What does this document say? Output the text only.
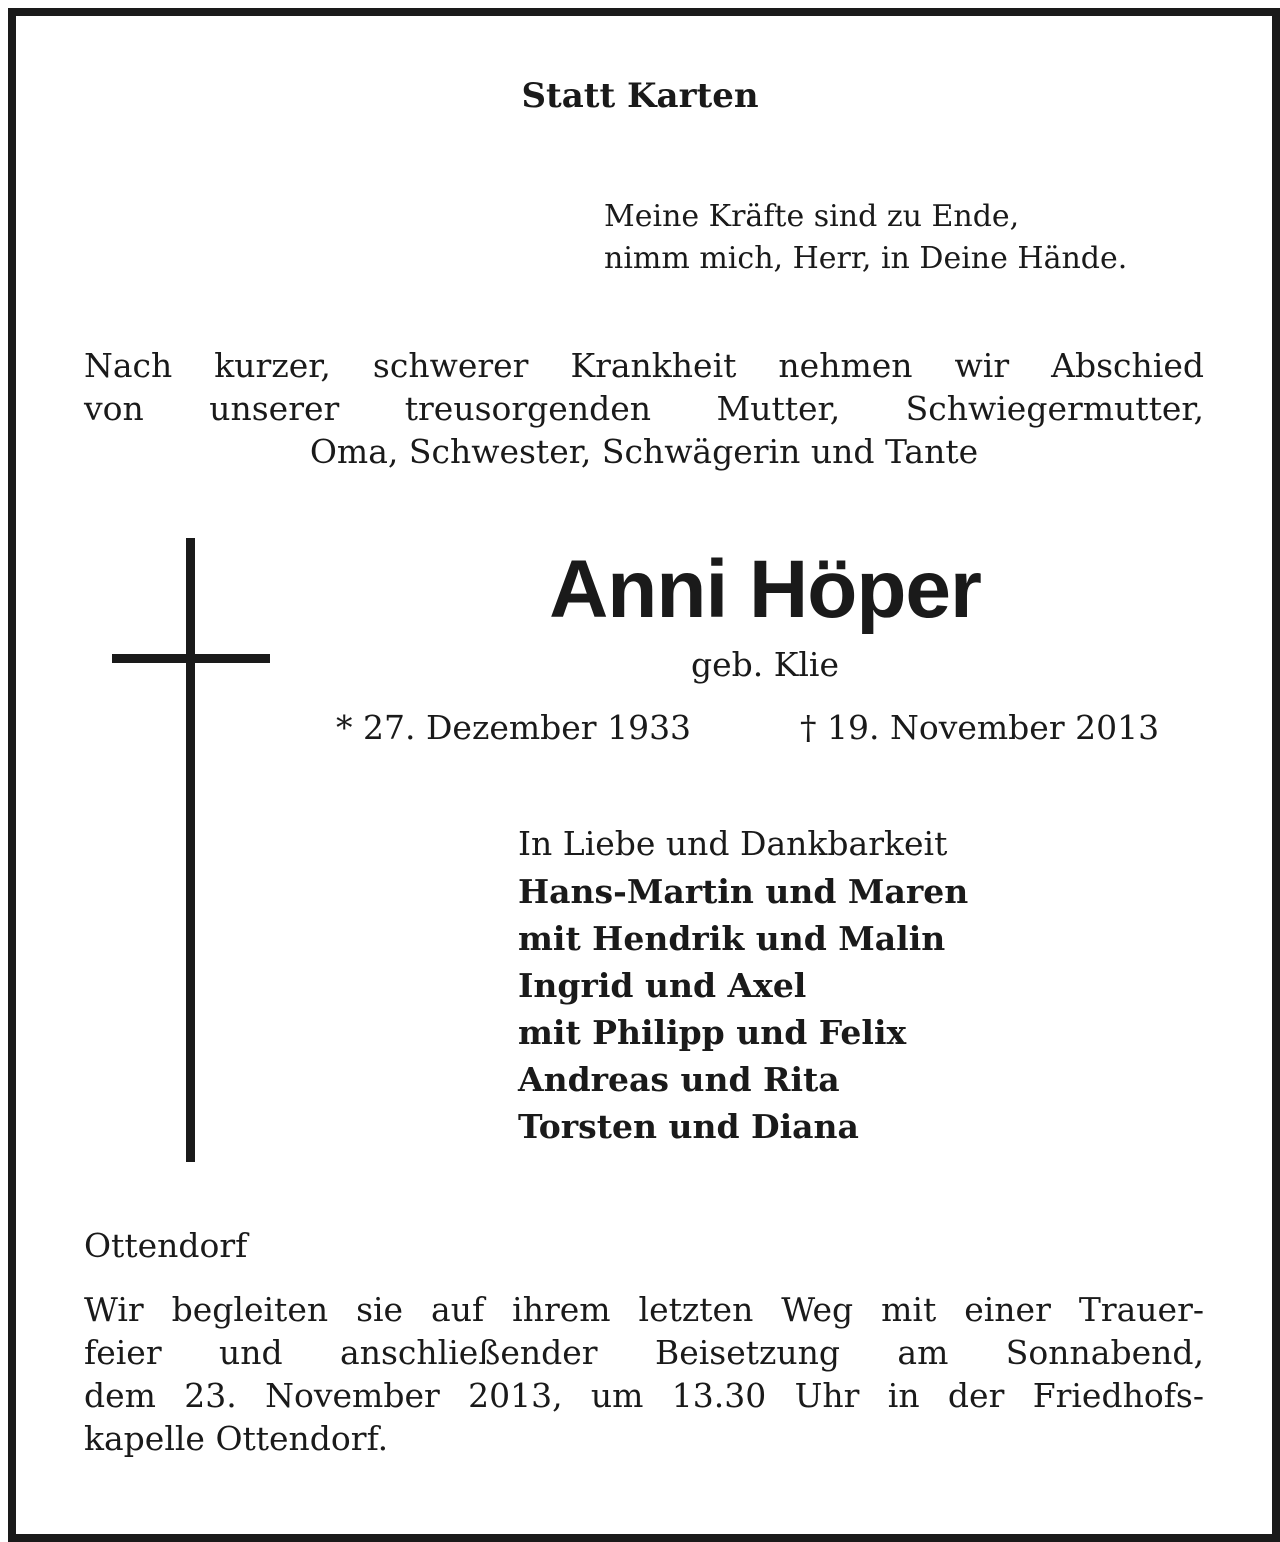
Statt Karten

Meine Kräfte sind zu Ende,
nimm mich, Herr, in Deine Hände.

Nach kurzer, schwerer Krankheit nehmen wir Abschied
von unserer treusorgenden Mutter, Schwiegermutter,
Oma, Schwester, Schwägerin und Tante

Anni Höper

geb. Klie

* 27. Dezember 1933	† 19. November 2013

In Liebe und Dankbarkeit
Hans-Martin und Maren
mit Hendrik und Malin
Ingrid und Axel
mit Philipp und Felix
Andreas und Rita
Torsten und Diana

Ottendorf

Wir begleiten sie auf ihrem letzten Weg mit einer Trauer-
feier und anschließender Beisetzung am Sonnabend,
dem 23. November 2013, um 13.30 Uhr in der Friedhofs-
kapelle Ottendorf.
